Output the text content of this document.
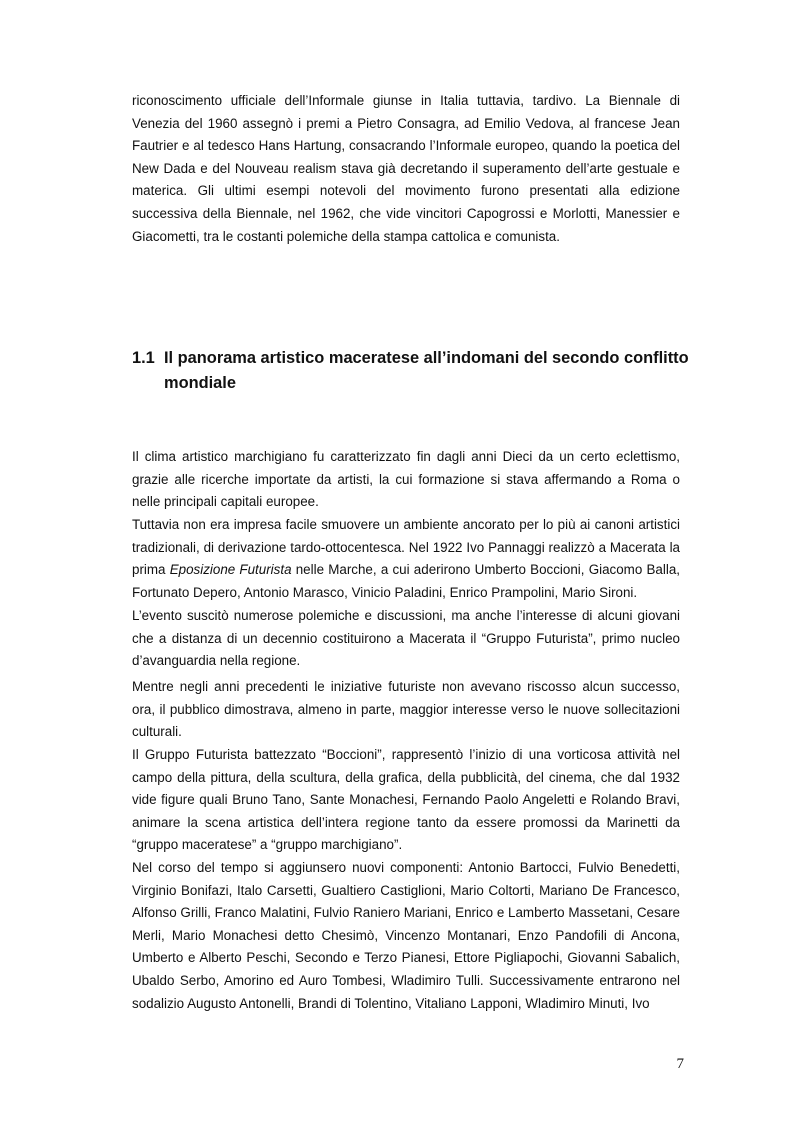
riconoscimento ufficiale dell’Informale giunse in Italia tuttavia, tardivo. La Biennale di Venezia del 1960 assegnò i premi a Pietro Consagra, ad Emilio Vedova, al francese Jean Fautrier e al tedesco Hans Hartung, consacrando l’Informale europeo, quando la poetica del New Dada e del Nouveau realism stava già decretando il superamento dell’arte gestuale e materica. Gli ultimi esempi notevoli del movimento furono presentati alla edizione successiva della Biennale, nel 1962, che vide vincitori Capogrossi e Morlotti, Manessier e Giacometti, tra le costanti polemiche della stampa cattolica e comunista.

1.1 Il panorama artistico maceratese all’indomani del secondo conflitto
mondiale

Il clima artistico marchigiano fu caratterizzato fin dagli anni Dieci da un certo eclettismo, grazie alle ricerche importate da artisti, la cui formazione si stava affermando a Roma o nelle principali capitali europee.

Tuttavia non era impresa facile smuovere un ambiente ancorato per lo più ai canoni artistici tradizionali, di derivazione tardo-ottocentesca. Nel 1922 Ivo Pannaggi realizzò a Macerata la prima Eposizione Futurista nelle Marche, a cui aderirono Umberto Boccioni, Giacomo Balla, Fortunato Depero, Antonio Marasco, Vinicio Paladini, Enrico Prampolini, Mario Sironi.

L’evento suscitò numerose polemiche e discussioni, ma anche l’interesse di alcuni giovani che a distanza di un decennio costituirono a Macerata il “Gruppo Futurista”, primo nucleo d’avanguardia nella regione.

Mentre negli anni precedenti le iniziative futuriste non avevano riscosso alcun successo, ora, il pubblico dimostrava, almeno in parte, maggior interesse verso le nuove sollecitazioni culturali.

Il Gruppo Futurista battezzato “Boccioni”, rappresentò l’inizio di una vorticosa attività nel campo della pittura, della scultura, della grafica, della pubblicità, del cinema, che dal 1932 vide figure quali Bruno Tano, Sante Monachesi, Fernando Paolo Angeletti e Rolando Bravi, animare la scena artistica dell’intera regione tanto da essere promossi da Marinetti da “gruppo maceratese” a “gruppo marchigiano”.

Nel corso del tempo si aggiunsero nuovi componenti: Antonio Bartocci, Fulvio Benedetti, Virginio Bonifazi, Italo Carsetti, Gualtiero Castiglioni, Mario Coltorti, Mariano De Francesco, Alfonso Grilli, Franco Malatini, Fulvio Raniero Mariani, Enrico e Lamberto Massetani, Cesare Merli, Mario Monachesi detto Chesimò, Vincenzo Montanari, Enzo Pandofili di Ancona, Umberto e Alberto Peschi, Secondo e Terzo Pianesi, Ettore Pigliapochi, Giovanni Sabalich, Ubaldo Serbo, Amorino ed Auro Tombesi, Wladimiro Tulli. Successivamente entrarono nel sodalizio Augusto Antonelli, Brandi di Tolentino, Vitaliano Lapponi, Wladimiro Minuti, Ivo

7
